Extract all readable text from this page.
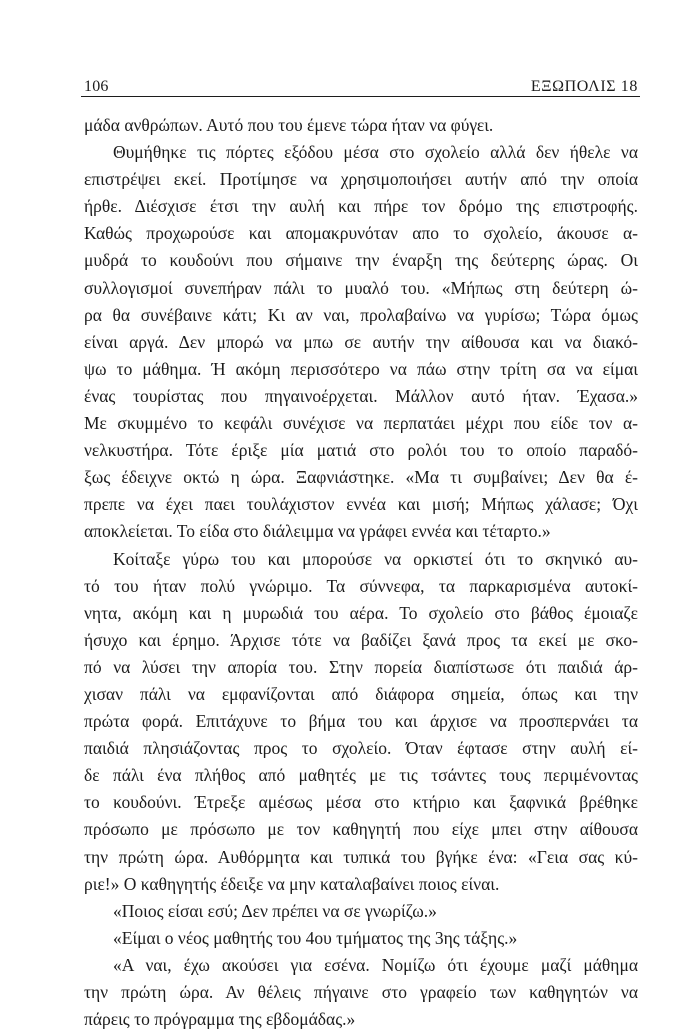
106	ΕΞΩΠΟΛΙΣ 18
μάδα ανθρώπων. Αυτό που του έμενε τώρα ήταν να φύγει.
Θυμήθηκε τις πόρτες εξόδου μέσα στο σχολείο αλλά δεν ήθελε να
επιστρέψει εκεί. Προτίμησε να χρησιμοποιήσει αυτήν από την οποία
ήρθε. Διέσχισε έτσι την αυλή και πήρε τον δρόμο της επιστροφής.
Καθώς προχωρούσε και απομακρυνόταν απο το σχολείο, άκουσε α-
μυδρά το κουδούνι που σήμαινε την έναρξη της δεύτερης ώρας. Οι
συλλογισμοί συνεπήραν πάλι το μυαλό του. «Μήπως στη δεύτερη ώ-
ρα θα συνέβαινε κάτι; Κι αν ναι, προλαβαίνω να γυρίσω; Τώρα όμως
είναι αργά. Δεν μπορώ να μπω σε αυτήν την αίθουσα και να διακό-
ψω το μάθημα. Ή ακόμη περισσότερο να πάω στην τρίτη σα να είμαι
ένας τουρίστας που πηγαινοέρχεται. Μάλλον αυτό ήταν. Έχασα.»
Με σκυμμένο το κεφάλι συνέχισε να περπατάει μέχρι που είδε τον α-
νελκυστήρα. Τότε έριξε μία ματιά στο ρολόι του το οποίο παραδό-
ξως έδειχνε οκτώ η ώρα. Ξαφνιάστηκε. «Μα τι συμβαίνει; Δεν θα έ-
πρεπε να έχει παει τουλάχιστον εννέα και μισή; Μήπως χάλασε; Όχι
αποκλείεται. Το είδα στο διάλειμμα να γράφει εννέα και τέταρτο.»
Κοίταξε γύρω του και μπορούσε να ορκιστεί ότι το σκηνικό αυ-
τό του ήταν πολύ γνώριμο. Τα σύννεφα, τα παρκαρισμένα αυτοκί-
νητα, ακόμη και η μυρωδιά του αέρα. Το σχολείο στο βάθος έμοιαζε
ήσυχο και έρημο. Άρχισε τότε να βαδίζει ξανά προς τα εκεί με σκο-
πό να λύσει την απορία του. Στην πορεία διαπίστωσε ότι παιδιά άρ-
χισαν πάλι να εμφανίζονται από διάφορα σημεία, όπως και την
πρώτα φορά. Επιτάχυνε το βήμα του και άρχισε να προσπερνάει τα
παιδιά πλησιάζοντας προς το σχολείο. Όταν έφτασε στην αυλή εί-
δε πάλι ένα πλήθος από μαθητές με τις τσάντες τους περιμένοντας
το κουδούνι. Έτρεξε αμέσως μέσα στο κτήριο και ξαφνικά βρέθηκε
πρόσωπο με πρόσωπο με τον καθηγητή που είχε μπει στην αίθουσα
την πρώτη ώρα. Αυθόρμητα και τυπικά του βγήκε ένα: «Γεια σας κύ-
ριε!» Ο καθηγητής έδειξε να μην καταλαβαίνει ποιος είναι.
«Ποιος είσαι εσύ; Δεν πρέπει να σε γνωρίζω.»
«Είμαι ο νέος μαθητής του 4ου τμήματος της 3ης τάξης.»
«Α ναι, έχω ακούσει για εσένα. Νομίζω ότι έχουμε μαζί μάθημα
την πρώτη ώρα. Αν θέλεις πήγαινε στο γραφείο των καθηγητών να
πάρεις το πρόγραμμα της εβδομάδας.»
